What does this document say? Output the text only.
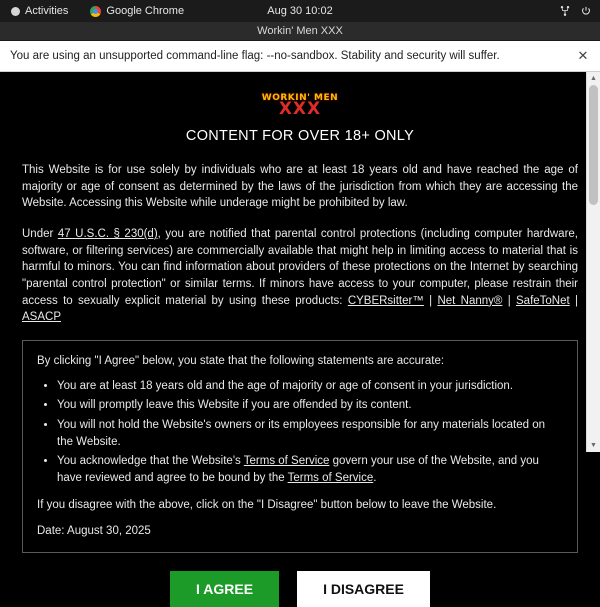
Activities	Google Chrome	Aug 30 10:02
Workin' Men XXX
You are using an unsupported command-line flag: --no-sandbox. Stability and security will suffer.	✕
WORKIN' MEN
XXX
CONTENT FOR OVER 18+ ONLY

This Website is for use solely by individuals who are at least 18 years old and have reached the age of majority or age of consent as determined by the laws of the jurisdiction from which they are accessing the Website. Accessing this Website while underage might be prohibited by law.

Under 47 U.S.C. § 230(d), you are notified that parental control protections (including computer hardware, software, or filtering services) are commercially available that might help in limiting access to material that is harmful to minors. You can find information about providers of these protections on the Internet by searching "parental control protection" or similar terms. If minors have access to your computer, please restrain their access to sexually explicit material by using these products: CYBERsitter™ | Net Nanny® | SafeToNet | ASACP

By clicking "I Agree" below, you state that the following statements are accurate:

• You are at least 18 years old and the age of majority or age of consent in your jurisdiction.
• You will promptly leave this Website if you are offended by its content.
• You will not hold the Website's owners or its employees responsible for any materials located on the Website.
• You acknowledge that the Website's Terms of Service govern your use of the Website, and you have reviewed and agree to be bound by the Terms of Service.

If you disagree with the above, click on the "I Disagree" button below to leave the Website.

Date: August 30, 2025

I AGREE	I DISAGREE
▲
▼
